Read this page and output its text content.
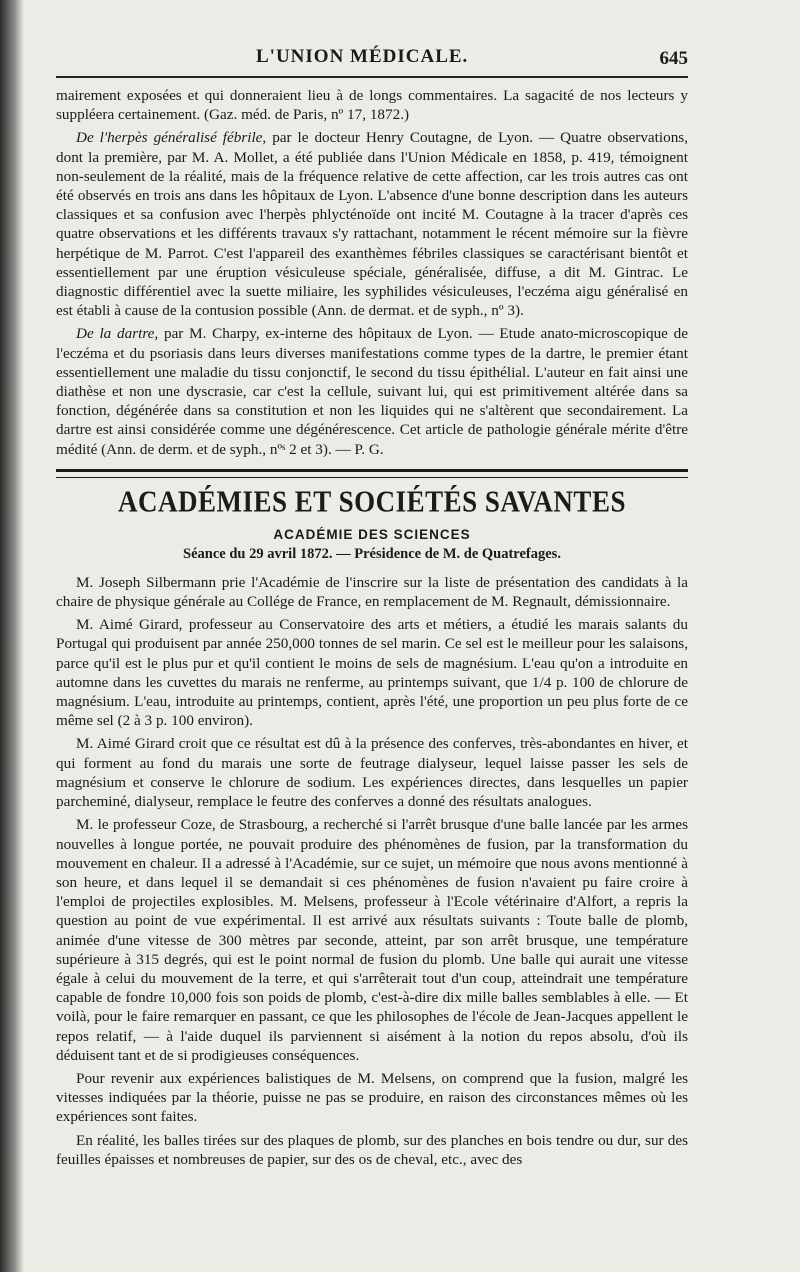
L'UNION MÉDICALE.	645

mairement exposées et qui donneraient lieu à de longs commentaires. La sagacité de nos lecteurs y suppléera certainement. (Gaz. méd. de Paris, nº 17, 1872.)

De l'herpès généralisé fébrile, par le docteur Henry Coutagne, de Lyon. — Quatre observations, dont la première, par M. A. Mollet, a été publiée dans l'Union Médicale en 1858, p. 419, témoignent non-seulement de la réalité, mais de la fréquence relative de cette affection, car les trois autres cas ont été observés en trois ans dans les hôpitaux de Lyon. L'absence d'une bonne description dans les auteurs classiques et sa confusion avec l'herpès phlycténoïde ont incité M. Coutagne à la tracer d'après ces quatre observations et les différents travaux s'y rattachant, notamment le récent mémoire sur la fièvre herpétique de M. Parrot. C'est l'appareil des exanthèmes fébriles classiques se caractérisant bientôt et essentiellement par une éruption vésiculeuse spéciale, généralisée, diffuse, a dit M. Gintrac. Le diagnostic différentiel avec la suette miliaire, les syphilides vésiculeuses, l'eczéma aigu généralisé en est établi à cause de la contusion possible (Ann. de dermat. et de syph., nº 3).

De la dartre, par M. Charpy, ex-interne des hôpitaux de Lyon. — Etude anato-microscopique de l'eczéma et du psoriasis dans leurs diverses manifestations comme types de la dartre, le premier étant essentiellement une maladie du tissu conjonctif, le second du tissu épithélial. L'auteur en fait ainsi une diathèse et non une dyscrasie, car c'est la cellule, suivant lui, qui est primitivement altérée dans sa fonction, dégénérée dans sa constitution et non les liquides qui ne s'altèrent que secondairement. La dartre est ainsi considérée comme une dégénérescence. Cet article de pathologie générale mérite d'être médité (Ann. de derm. et de syph., nºˢ 2 et 3). — P. G.

ACADÉMIES ET SOCIÉTÉS SAVANTES
ACADÉMIE DES SCIENCES
Séance du 29 avril 1872. — Présidence de M. de Quatrefages.

M. Joseph Silbermann prie l'Académie de l'inscrire sur la liste de présentation des candidats à la chaire de physique générale au Collége de France, en remplacement de M. Regnault, démissionnaire.

M. Aimé Girard, professeur au Conservatoire des arts et métiers, a étudié les marais salants du Portugal qui produisent par année 250,000 tonnes de sel marin. Ce sel est le meilleur pour les salaisons, parce qu'il est le plus pur et qu'il contient le moins de sels de magnésium. L'eau qu'on a introduite en automne dans les cuvettes du marais ne renferme, au printemps suivant, que 1/4 p. 100 de chlorure de magnésium. L'eau, introduite au printemps, contient, après l'été, une proportion un peu plus forte de ce même sel (2 à 3 p. 100 environ).

M. Aimé Girard croit que ce résultat est dû à la présence des conferves, très-abondantes en hiver, et qui forment au fond du marais une sorte de feutrage dialyseur, lequel laisse passer les sels de magnésium et conserve le chlorure de sodium. Les expériences directes, dans lesquelles un papier parcheminé, dialyseur, remplace le feutre des conferves a donné des résultats analogues.

M. le professeur Coze, de Strasbourg, a recherché si l'arrêt brusque d'une balle lancée par les armes nouvelles à longue portée, ne pouvait produire des phénomènes de fusion, par la transformation du mouvement en chaleur. Il a adressé à l'Académie, sur ce sujet, un mémoire que nous avons mentionné à son heure, et dans lequel il se demandait si ces phénomènes de fusion n'avaient pu faire croire à l'emploi de projectiles explosibles. M. Melsens, professeur à l'Ecole vétérinaire d'Alfort, a repris la question au point de vue expérimental. Il est arrivé aux résultats suivants : Toute balle de plomb, animée d'une vitesse de 300 mètres par seconde, atteint, par son arrêt brusque, une température supérieure à 315 degrés, qui est le point normal de fusion du plomb. Une balle qui aurait une vitesse égale à celui du mouvement de la terre, et qui s'arrêterait tout d'un coup, atteindrait une température capable de fondre 10,000 fois son poids de plomb, c'est-à-dire dix mille balles semblables à elle. — Et voilà, pour le faire remarquer en passant, ce que les philosophes de l'école de Jean-Jacques appellent le repos relatif, — à l'aide duquel ils parviennent si aisément à la notion du repos absolu, d'où ils déduisent tant et de si prodigieuses conséquences.

Pour revenir aux expériences balistiques de M. Melsens, on comprend que la fusion, malgré les vitesses indiquées par la théorie, puisse ne pas se produire, en raison des circonstances mêmes où les expériences sont faites.

En réalité, les balles tirées sur des plaques de plomb, sur des planches en bois tendre ou dur, sur des feuilles épaisses et nombreuses de papier, sur des os de cheval, etc., avec des
